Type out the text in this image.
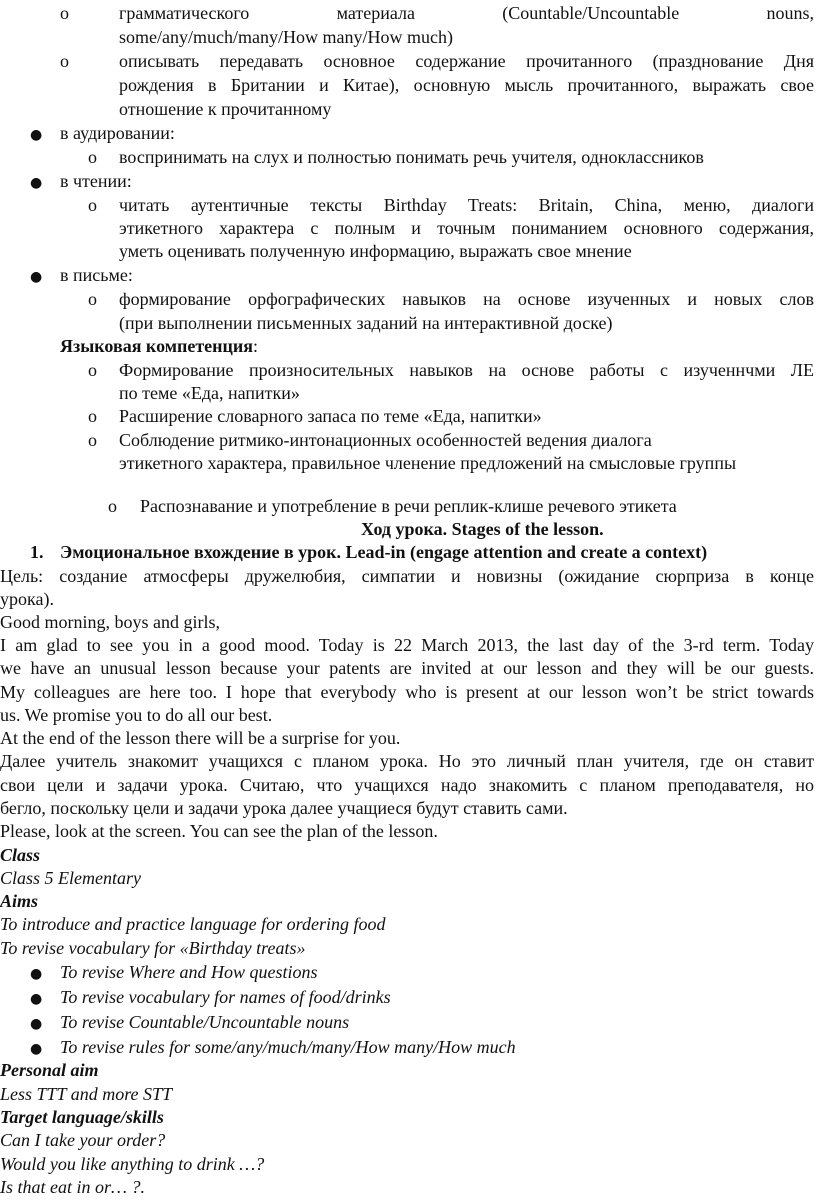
o	грамматического материала (Countable/Uncountable nouns,
some/any/much/many/How many/How much)
o	описывать передавать основное содержание прочитанного (празднование Дня
рождения в Британии и Китае), основную мысль прочитанного, выражать свое
отношение к прочитанному
● в аудировании:
o воспринимать на слух и полностью понимать речь учителя, одноклассников
● в чтении:
o читать аутентичные тексты Birthday Treats: Britain, China, меню, диалоги
этикетного характера с полным и точным пониманием основного содержания,
уметь оценивать полученную информацию, выражать свое мнение
● в письме:
o формирование орфографических навыков на основе изученных и новых слов
(при выполнении письменных заданий на интерактивной доске)
Языковая компетенция:
o Формирование произносительных навыков на основе работы с изученнчми ЛЕ
по теме «Еда, напитки»
o Расширение словарного запаса по теме «Еда, напитки»
o Соблюдение ритмико-интонационных особенностей ведения диалога
этикетного характера, правильное членение предложений на смысловые группы
o Распознавание и употребление в речи реплик-клише речевого этикета
Ход урока. Stages of the lesson.
1. Эмоциональное вхождение в урок. Lead-in (engage attention and create a context)
Цель: создание атмосферы дружелюбия, симпатии и новизны (ожидание сюрприза в конце
урока).
Good morning, boys and girls,
I am glad to see you in a good mood. Today is 22 March 2013, the last day of the 3-rd term. Today
we have an unusual lesson because your patents are invited at our lesson and they will be our guests.
My colleagues are here too. I hope that everybody who is present at our lesson won’t be strict towards
us. We promise you to do all our best.
At the end of the lesson there will be a surprise for you.
Далее учитель знакомит учащихся с планом урока. Но это личный план учителя, где он ставит
свои цели и задачи урока. Считаю, что учащихся надо знакомить с планом преподавателя, но
бегло, поскольку цели и задачи урока далее учащиеся будут ставить сами.
Please, look at the screen. You can see the plan of the lesson.
Class
Class 5 Elementary
Aims
To introduce and practice language for ordering food
To revise vocabulary for «Birthday treats»
● To revise Where and How questions
● To revise vocabulary for names of food/drinks
● To revise Countable/Uncountable nouns
● To revise rules for some/any/much/many/How many/How much
Personal aim
Less TTT and more STT
Target language/skills
Can I take your order?
Would you like anything to drink …?
Is that eat in or… ?.
